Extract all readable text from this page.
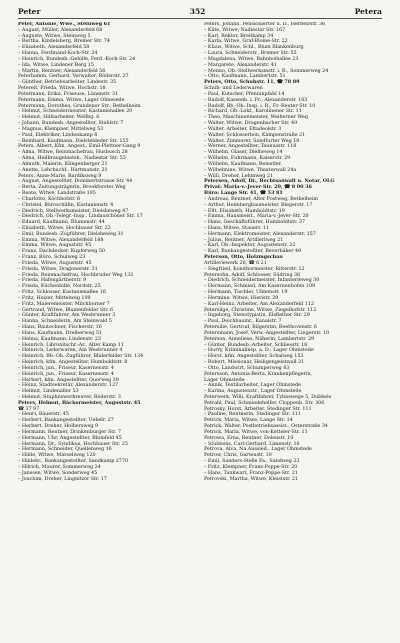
Peter	352	Petera
Peter, Antonie, Wwe., Steinweg 61
– August, Müller, Alexanderfeld 68
– Auguste, Witwe, Steinweg 5
– Bertha, Kindelsberg, Bremer Str. 74
– Elisabeth, Alexanderfeld 58
– Hanna, Ferdinand-Koch-Str. 24
– Heinrich, Bundesb.-Gehilfe, Ferd.-Koch-Str. 24
– Ida, Witwe, Lindener Berg 15
– Martin, Rentner, Alexanderfeld 56
Peterhamm, Gerhard, Verwalter, Röderstr. 27
– Günther, Betriebsarbeiter, Lindestr. 35
Petereit, Frieda, Witwe, Hochstr. 18
Petermann, Erika, Friseuse, Lünenstr. 31
Petermann, Emma, Witwe, Lager Ohnesede
Petermann, Dorothea, Grundener Str., Bethelheim
– Helmut, Schneidermeister, Kastanienallee 20
– Helmut, Hilfsarbeiter, Wellbg. 6
– Johann, Bundesb.-Angestellter, Stahlstr. 7
– Magnus, Klempner, Mittelweg 53
– Paul, Elektriker, Lindenkamp 6
– Reinhard, Kaufmann, Dielsteldeder Str. 155
Peters, Albert, Kfm. Angest., Emil-Plettner-Gang 9
– Alma, Witwe, Reinmachefrau, Husbusch 28
– Alma, Heilbraugebietsh., Nadiestar Str. 55
– Almuth, Malerin, Klingenberger 21
– Anette, Lehrbuchf., Hartmanstr. 21
Peters, Anne-Marie, Bardiksweg 9
– August, Angestellter, Dominertstrasse Str. 44
– Berta, Zeitungsträgerin, Brookforster Weg
– Beate, Witwe, Landstraße 195
– Charlotte, Kochhofstr. 6
– Christel, Büroschilfin, Kastanienstr. 4
– Diedrich, Stellwerksmeister, Dielsheweg 47
– Diedrich, Ob.-Telegr.-Insp., Lindauschöner Str. 17
– Eduard, Kaufmann, Blumenstr. 44
– Elisabeth, Witwe, Hochbauer Str. 22
– Emil, Bundesb.-Zugführer, Dielsheweg 31
– Emma, Witwe, Alexanderfeld 188
– Emma, Witwe, Auguststr. 45
– Franz, Dachdecker, Kupferweg 50
– Franz, Büro, Schulweg 23
– Frieda, Witwe, Auguststr. 45
– Frieda, Witwe, Dragonerstr. 31
– Frieda, Reinmachefrau, Hochbruder Weg 132
– Frieda, Hafengärtnerstr. 9
– Frieda, Küchenhilfe, Nordstr. 25
– Fritz, Schlosser, Kastanienallee 16
– Fritz, Heizer, Mittelweg 109
– Fritz, Maleremeister, Milchborner 7
– Gertraud, Witwe, Blumenfelder Str. 6
– Günter, Kraftfahrer, Am Wesbrunner 3
– Hanna, Schneiderin, Am Steinwald 5
– Hans, Bautechner, Fischerstr. 16
– Hans, Kaufmann, Dreiberweg 51
– Helma, Kaufmann, Lindenstr. 23
– Heinrich, Libronitschr.-Ar., Alter Kamp 11
– Heinrich, Lederwaren, Am Wesbrunner 4
– Heinrich, Bb.-Ob.-Zugführer, Bliderfelder Str. 134
– Heinrich, kfm. Angestellter, Humboldtstr. 8
– Heinrich, jun., Friseur, Kasernenstr. 4
– Heinrich, jun., Friseur, Kasernenstr. 4
– Herbert, kfm. Angestellter, Querweg 39
– Heinz, Stadtsekretär, Alexanderstr. 127
– Helmut, Lindenaller 53
– Helmut, Stuphnswerkreuver, Röderstr. 3
Peters, Helmut, Bäckermeister, Auguststr. 45
☎ 37 97
– Henri, Bäuerstr. 45
– Herbert, Bankangestellter, Uebelr. 27
– Herbert, Dreher, Holbersweg 9
– Hermann, Rentner, Drinkenburger Str. 7
– Hermann, Uhr, Angestellter, Blumfeld 45
– Hermann, Dr., Syndikus, Hochbauer Str. 25
– Hermann, Schneider, Quellenweg 16
– Hilde, Witwe, Marseliweg 120
– Hildebr., Bankangestellter, Sandkamp 2770
– Hilrich, Maurer, Sommerweg 24
– Janssen, Witwe, Sonderweg 45
– Joachim, Dreher, Lingnitzer Str. 17
Peters, Johann, Pensionierter u. D., Herbeirstr. 36
– Käte, Witwe, Nadiestar Str. 167
– Karl, Rektor, Breitkamp 34
– Karla, Witwe, Graf-Blome-Str. 22
– Klaus, Witwe, Schl., Blum Blankenburg
– Laura, Schneiderstr., Bremer Str. 55
– Magdalena, Witwe, Bahnhofsallee 23
– Margarete, Alexanderstr. 41
– Menno, Ob.-Stellwerksmstr. i. R., Sommerweg 24
– Otto, Kaufmann, Lambertstr. 51
Peters, Otto, Schuhstr. 11, ☎ 78 89
Schuh- und Lederwaren
– Paul, Kutscher, Pfenninpfahl 14
– Rudolf, Kassenb. i. Fr., Alexanderstr. 163
– Rudolf, Bb.-Ob.-Insp. i. R., Fr.-Reuter-Str. 10
– Richard, Ob.-Lokf., Karolinener Str. 11
– Theo, Maschinenmeister, Weiherner Weg
– Walter, Witwe, Dragenbacher Str. 49
– Walter, Arbeiter, Eltadeolstr. 3
– Walter, Schlosserlein, Kampenstraße 21
– Walter, Zimmerer, Sandfurter Weg 18
– Werner, Angestellter, Taunusstr. 118
– Wilhelm, Glaser, Dielheweg 14
– Wilhelm, Fuhrmann, Kaiserstr. 29
– Wilhelm, Kaufmann, Beinstler.
– Wilhelmine, Witwe, Theaterwall 24a
– Willi, Dreher, Lehmweg 21
Petersen, Adolf, Dr., Rechtsanwalt u. Notar, OLG
Privat: Maria-v.-Jever-Str. 20, ☎ 8 00 36
Büro: Lange Str. 41, ☎ 53 81
– Andreas, Rentner, Alter Postweg, Bethelheim
– Arthur, Heimbergbaumeister, Blegerstr. 17
– Ellt, Elisabeth, Humboldtstr. 19
– Emma, Hausmeist., Maria-v.-Jever-Str. 20
– Hans, Geschäftsführer, Humboldtstr. 37
– Hans, Witwe, Stauerr. 11
– Hermann, Elektromeister, Alexanderstr. 157
– Julius, Rentner, Artilleriweg 21
– Karl, Ob.-Inspektor, Augustenstr. 22
– Karl, Bankangestellter, Beverbäker 49
Peterson, Otto, Holzmgschau
Artilleriewerk 26, ☎ 6 21
– Siegfried, Konditormeister, Ritterstr. 12
Petersohn, Adolf, Schlosser, Südring 36
– Diedrich, Schneidermeister, Infanterieweg 30
– Hermann, Schmied, Am Kasernenhofen 109
– Hermann, Tischler, Ulmenstr. 19
– Hermine, Witwe, Hieristr. 29
– Karl-Heinz, Arbeiter, Am Alexanderfeld 112
Petersilge, Christine, Witwe, Ziegelhofstr. 112
– Ingeborg, Stenotypistin, Elsflether Str. 29
– Paul, Deichbaumr., Kanalstr. 7
Petersilie, Gertrud, Bilgerstin, Beethovenstr. 6
Petersmann, Josef, Verw.-Angestellter, Lingerstr. 10
Peterson, Anneliese, Näherin, Lambertstr. 29
– Günter, Bundesb.-Arbeiter, Schliesstr. 18
– Hurry, Kriminalinsp. a. D., Lager Ohmstede
– Horst, kfm. Angestellter, Schalweg 153
– Robert, Missionar, Heiligengeistwall 21
– Otto, Landwirt, Schumperweg 83
Petersson, Antonia-Berta, Krankenpflegerin,
Lager Ohmstede
– Annik, Textilarbeiter, Lager Ohmstede
– Karina, Augustenstr., Lager Ohmstede
Peterwerk, Willi, Kraftfahrer, Tyhnswege 5, Dubbels
Petrahl, Paul, Schmiedehelfer, Cloppenb. Str. 306
Petrosky, Horst, Arbeiter, Stedinger Str. 111
– Pauline, Rentnerin, Stedinger Str. 111
Petrick, Maria, Witwe, Lange Str. 14
Petrick, Walter, Postbetriebsassist., Osterstraße 34
Petrick, Maria, Witwe, von-Ketteler-Str. 11
Petrowa, Erna, Rentner, Dolenstr. 10
– Stubbens, Carl-Gerhard, Limenstr. 16
Petrova, Alva, Na Aussied., Lager Ohmstede
Petrow, Chris, Gartenstr. 10
– Emil, Sanders-Stelle Fa., Sandweg 23
– Fritz, Klempner, Franz-Poppe-Str. 20
– Hans, Tankwart, Franz-Poppe-Str. 21
Petrovski, Martha, Witwe, Kleiststr. 21
